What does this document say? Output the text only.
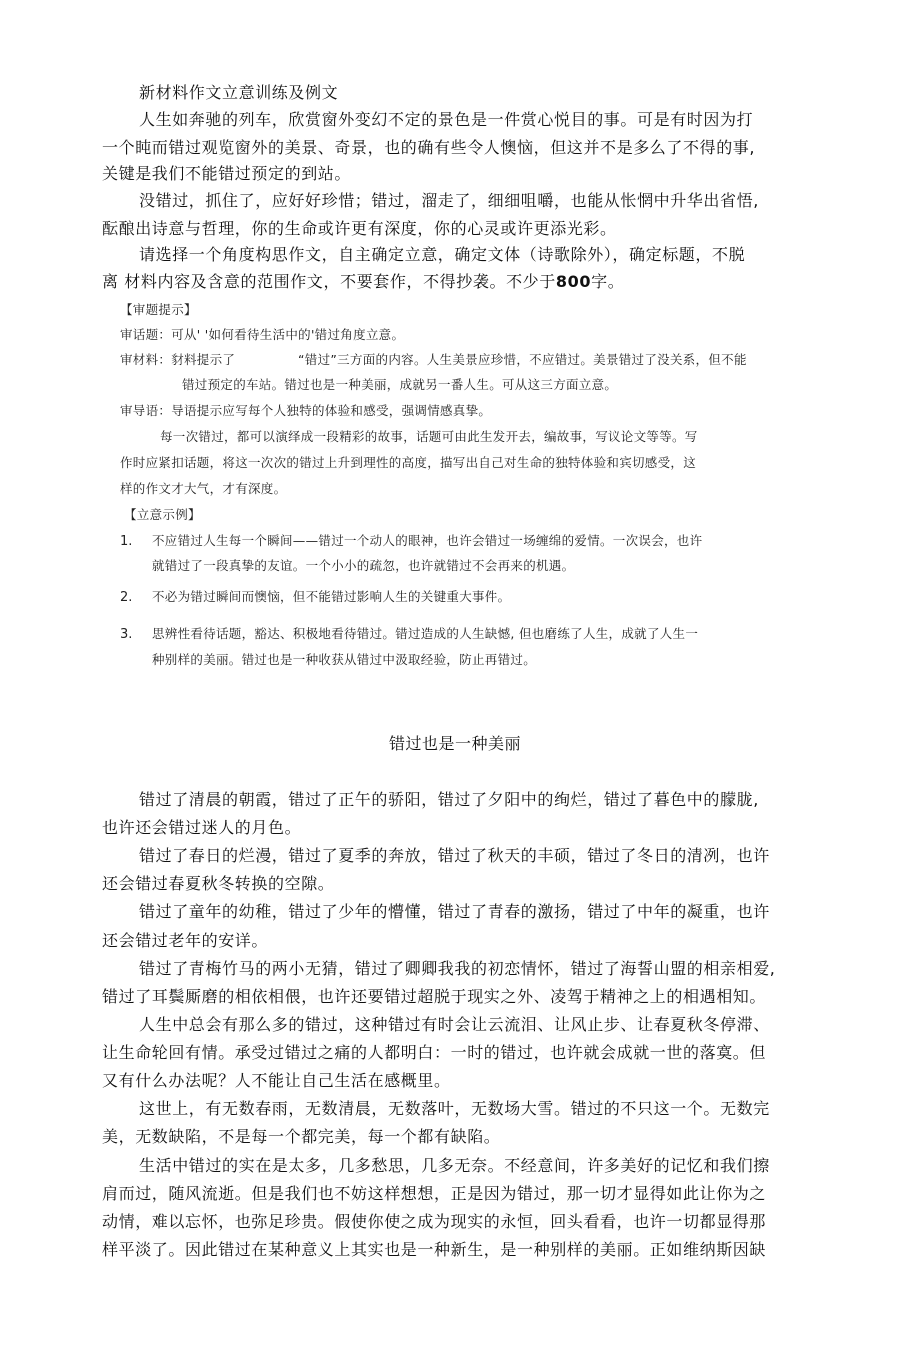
新材料作文立意训练及例文
人生如奔驰的列车，欣赏窗外变幻不定的景色是一件赏心悦目的事。可是有时因为打
一个盹而错过观览窗外的美景、奇景，也的确有些令人懊恼，但这并不是多么了不得的事,
关键是我们不能错过预定的到站。
没错过，抓住了，应好好珍惜；错过，溜走了，细细咀嚼，也能从怅惘中升华出省悟,
酝酿出诗意与哲理，你的生命或许更有深度，你的心灵或许更添光彩。
请选择一个角度构思作文，自主确定立意，确定文体（诗歌除外），确定标题，不脱
离 材料内容及含意的范围作文，不要套作，不得抄袭。不少于800字。
【审题提示】
审话题：可从' '如何看待生活中的'错过角度立意。
审材料：豺料提示了	“错过”三方面的内容。人生美景应珍惜，不应错过。美景错过了没关系，但不能
错过预定的车站。错过也是一种美丽，成就另一番人生。可从这三方面立意。
审导语：导语提示应写每个人独特的体验和感受，强调情感真挚。
每一次错过，都可以演绎成一段精彩的故事，话题可由此生发开去，编故事，写议论文等等。写
作时应紧扣话题，将这一次次的错过上升到理性的高度，描写出自己对生命的独特体验和宾切感受，这
样的作文才大气，才有深度。
【立意示例】
1. 不应错过人生每一个瞬间——错过一个动人的眼神，也许会错过一场缠绵的爱情。一次误会，也许
就错过了一段真挚的友谊。一个小小的疏忽，也许就错过不会再来的机遇。
2. 不必为错过瞬间而懊恼，但不能错过影响人生的关键重大事件。
3. 思辨性看待话题，豁达、积极地看待错过。错过造成的人生缺憾, 但也磨练了人生，成就了人生一
种别样的美丽。错过也是一种收获从错过中汲取经验，防止再错过。
错过也是一种美丽
错过了清晨的朝霞，错过了正午的骄阳，错过了夕阳中的绚烂，错过了暮色中的朦胧,
也许还会错过迷人的月色。
错过了春日的烂漫，错过了夏季的奔放，错过了秋天的丰硕，错过了冬日的清冽，也许
还会错过春夏秋冬转换的空隙。
错过了童年的幼稚，错过了少年的懵懂，错过了青春的激扬，错过了中年的凝重，也许
还会错过老年的安详。
错过了青梅竹马的两小无猜，错过了卿卿我我的初恋情怀，错过了海誓山盟的相亲相爱,
错过了耳鬓厮磨的相依相偎，也许还要错过超脱于现实之外、凌驾于精神之上的相遇相知。
人生中总会有那么多的错过，这种错过有时会让云流泪、让风止步、让春夏秋冬停滞、
让生命轮回有情。承受过错过之痛的人都明白：一时的错过，也许就会成就一世的落寞。但
又有什么办法呢？人不能让自己生活在感概里。
这世上，有无数春雨，无数清晨，无数落叶，无数场大雪。错过的不只这一个。无数完
美，无数缺陷，不是每一个都完美，每一个都有缺陷。
生活中错过的实在是太多，几多愁思，几多无奈。不经意间，许多美好的记忆和我们擦
肩而过，随风流逝。但是我们也不妨这样想想，正是因为错过，那一切才显得如此让你为之
动情，难以忘怀，也弥足珍贵。假使你使之成为现实的永恒，回头看看，也许一切都显得那
样平淡了。因此错过在某种意义上其实也是一种新生，是一种别样的美丽。正如维纳斯因缺
